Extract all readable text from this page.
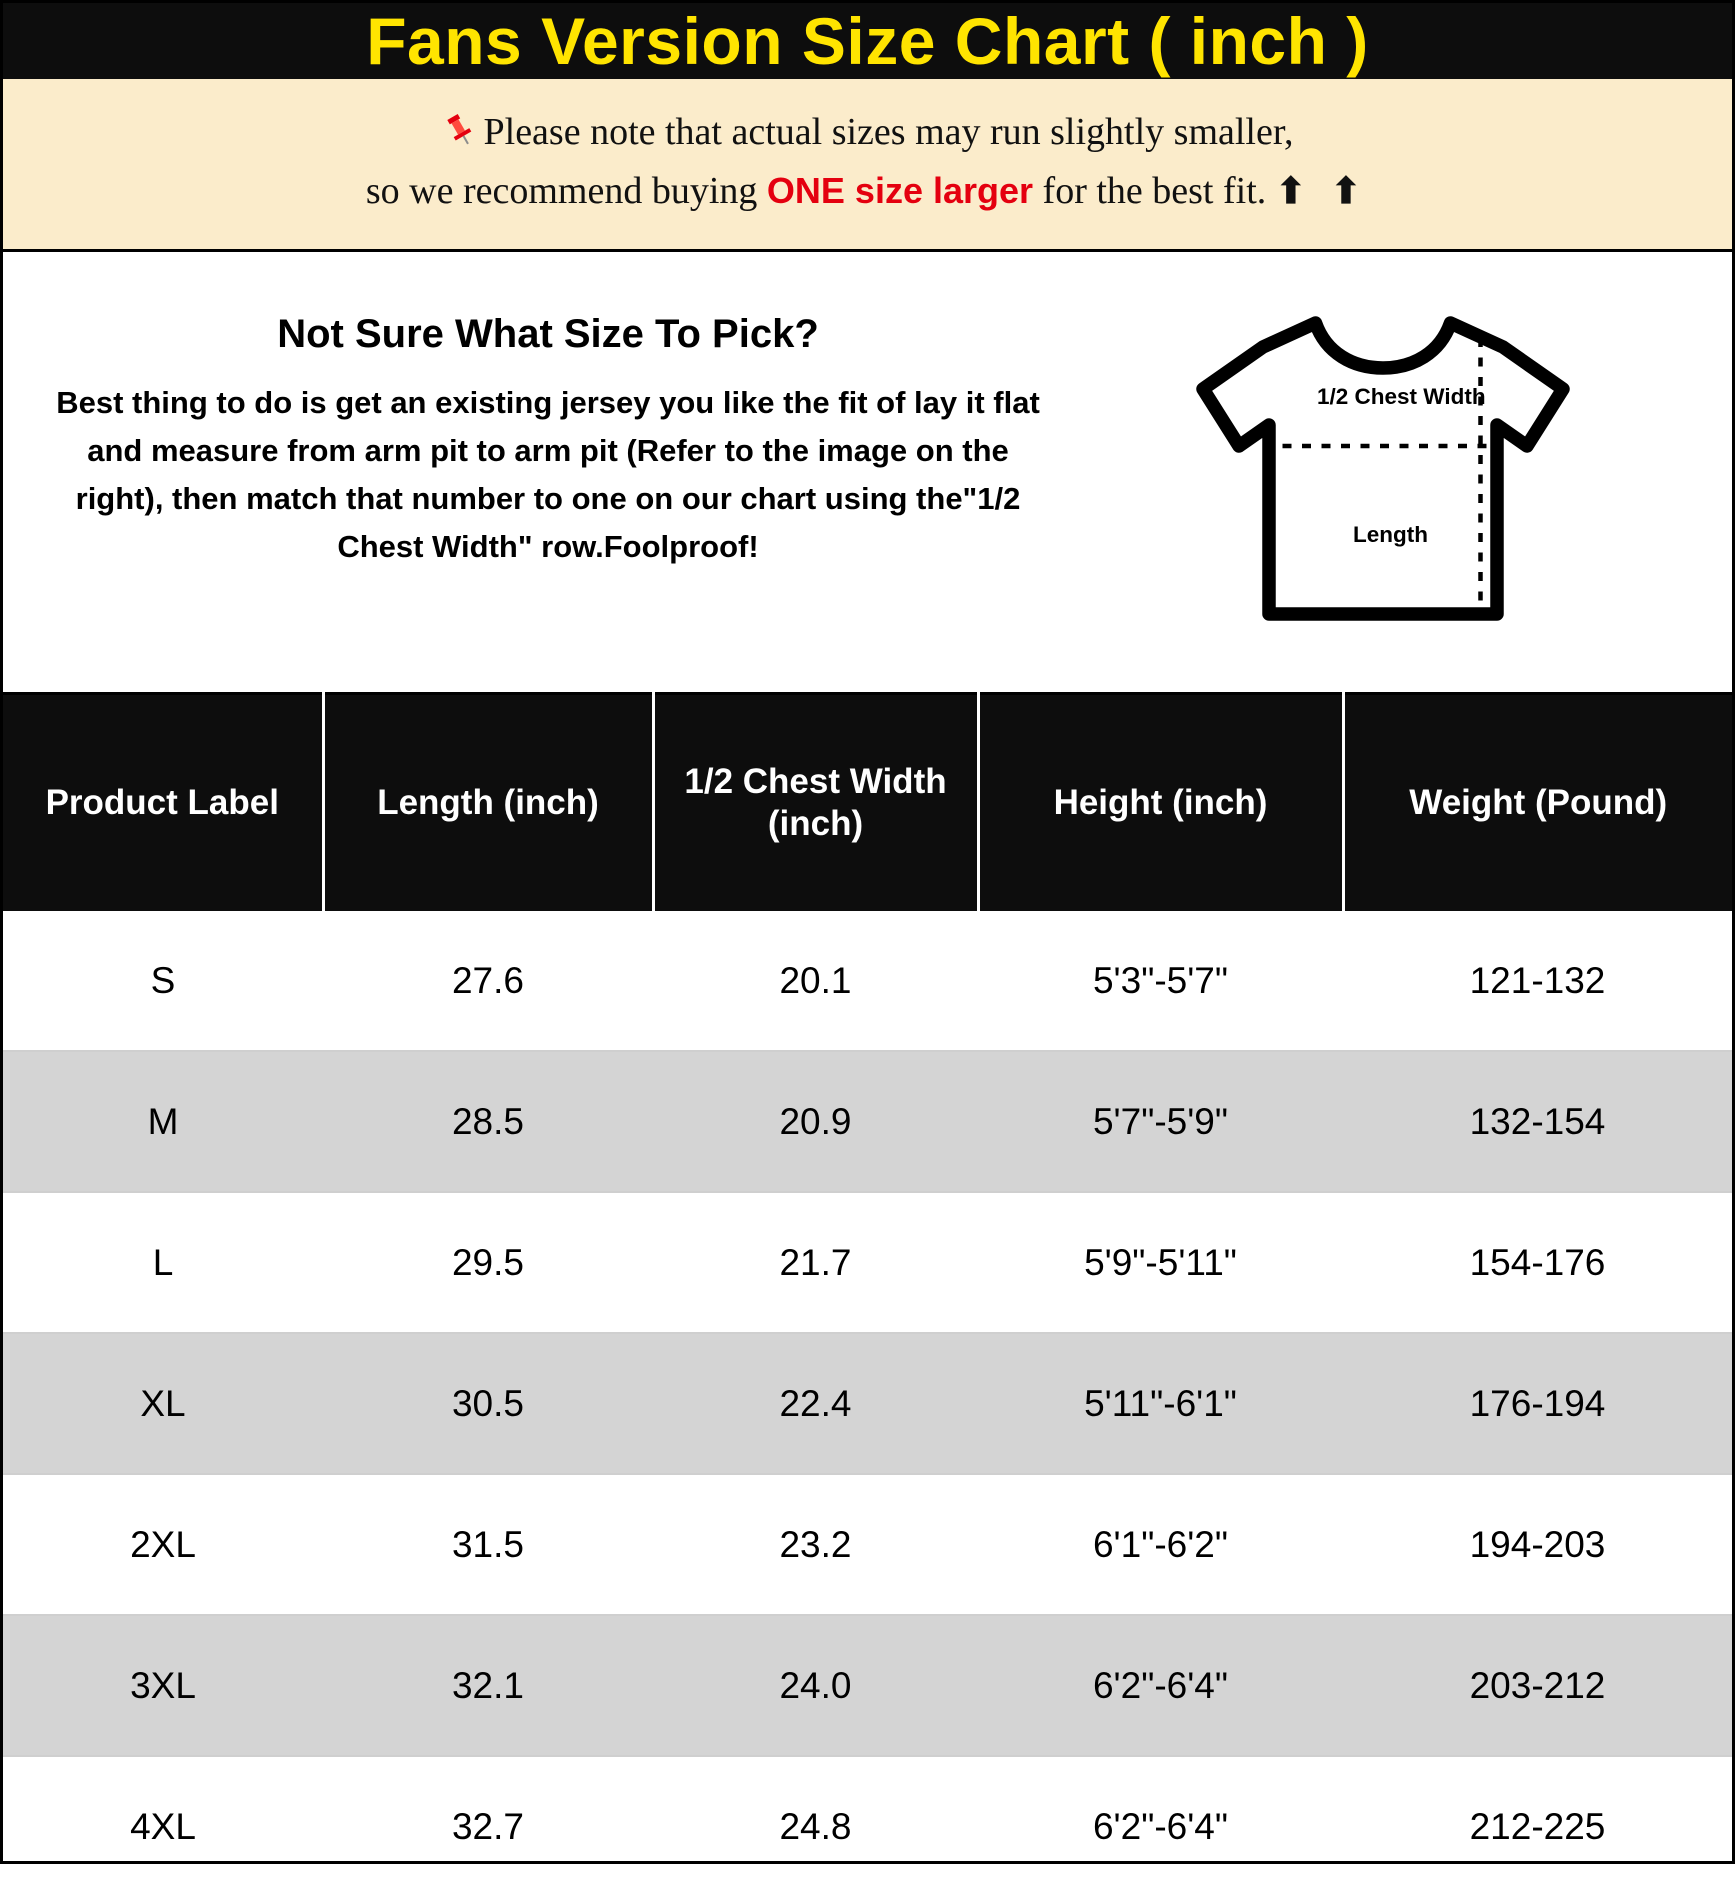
Fans Version Size Chart ( inch )
Please note that actual sizes may run slightly smaller,
so we recommend buying ONE size larger for the best fit. ⬆ ⬆
Not Sure What Size To Pick?
Best thing to do is get an existing jersey you like the fit of lay it flat and measure from arm pit to arm pit (Refer to the image on the right), then match that number to one on our chart using the"1/2 Chest Width" row.Foolproof!
1/2 Chest Width
Length
Product Label	Length (inch)	1/2 Chest Width (inch)	Height (inch)	Weight (Pound)
S	27.6	20.1	5'3"-5'7"	121-132
M	28.5	20.9	5'7"-5'9"	132-154
L	29.5	21.7	5'9"-5'11"	154-176
XL	30.5	22.4	5'11"-6'1"	176-194
2XL	31.5	23.2	6'1"-6'2"	194-203
3XL	32.1	24.0	6'2"-6'4"	203-212
4XL	32.7	24.8	6'2"-6'4"	212-225
